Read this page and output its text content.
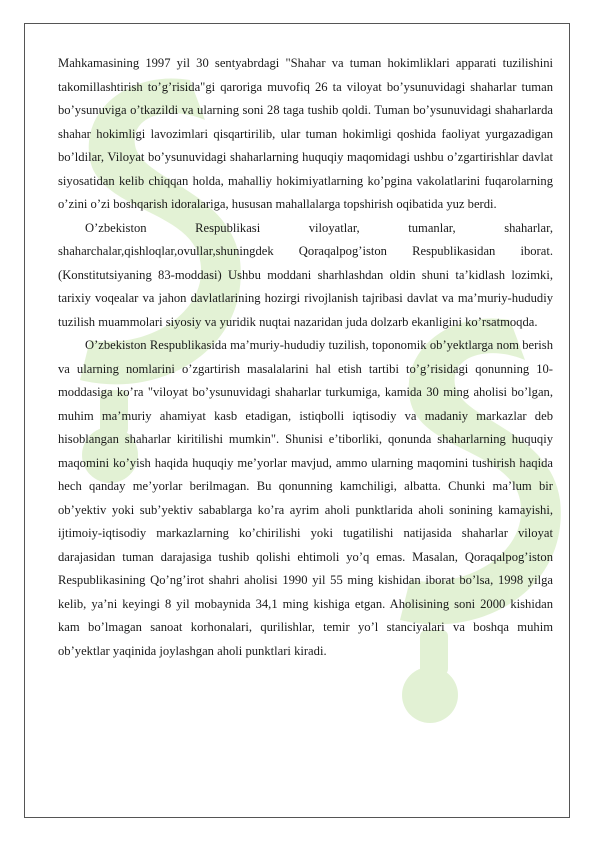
Mahkamasining 1997 yil 30 sentyabrdagi "Shahar va tuman hokimliklari apparati tuzilishini takomillashtirish to’g’risida"gi qaroriga muvofiq 26 ta viloyat bo’ysunuvidagi shaharlar tuman bo’ysunuviga o’tkazildi va ularning soni 28 taga tushib qoldi. Tuman bo’ysunuvidagi shaharlarda shahar hokimligi lavozimlari qisqartirilib, ular tuman hokimligi qoshida faoliyat yurgazadigan bo’ldilar, Viloyat bo’ysunuvidagi shaharlarning huquqiy maqomidagi ushbu o’zgartirishlar davlat siyosatidan kelib chiqqan holda, mahalliy hokimiyatlarning ko’pgina vakolatlarini fuqarolarning o’zini o’zi boshqarish idoralariga, hususan mahallalarga topshirish oqibatida yuz berdi.

O’zbekiston Respublikasi viloyatlar, tumanlar, shaharlar, shaharchalar,qishloqlar,ovullar,shuningdek Qoraqalpog’iston Respublikasidan iborat. (Konstitutsiyaning 83-moddasi) Ushbu moddani sharhlashdan oldin shuni ta’kidlash lozimki, tarixiy voqealar va jahon davlatlarining hozirgi rivojlanish tajribasi davlat va ma’muriy-hududiy tuzilish muammolari siyosiy va yuridik nuqtai nazaridan juda dolzarb ekanligini ko’rsatmoqda.

O’zbekiston Respublikasida ma’muriy-hududiy tuzilish, toponomik ob’yektlarga nom berish va ularning nomlarini o’zgartirish masalalarini hal etish tartibi to’g’risidagi qonunning 10-moddasiga ko’ra "viloyat bo’ysunuvidagi shaharlar turkumiga, kamida 30 ming aholisi bo’lgan, muhim ma’muriy ahamiyat kasb etadigan, istiqbolli iqtisodiy va madaniy markazlar deb hisoblangan shaharlar kiritilishi mumkin". Shunisi e’tiborliki, qonunda shaharlarning huquqiy maqomini ko’yish haqida huquqiy me’yorlar mavjud, ammo ularning maqomini tushirish haqida hech qanday me’yorlar berilmagan. Bu qonunning kamchiligi, albatta. Chunki ma’lum bir ob’yektiv yoki sub’yektiv sabablarga ko’ra ayrim aholi punktlarida aholi sonining kamayishi, ijtimoiy-iqtisodiy markazlarning ko’chirilishi yoki tugatilishi natijasida shaharlar viloyat darajasidan tuman darajasiga tushib qolishi ehtimoli yo’q emas. Masalan, Qoraqalpog’iston Respublikasining Qo’ng’irot shahri aholisi 1990 yil 55 ming kishidan iborat bo’lsa, 1998 yilga kelib, ya’ni keyingi 8 yil mobaynida 34,1 ming kishiga etgan. Aholisining soni 2000 kishidan kam bo’lmagan sanoat korhonalari, qurilishlar, temir yo’l stanciyalari va boshqa muhim ob’yektlar yaqinida joylashgan aholi punktlari kiradi.
